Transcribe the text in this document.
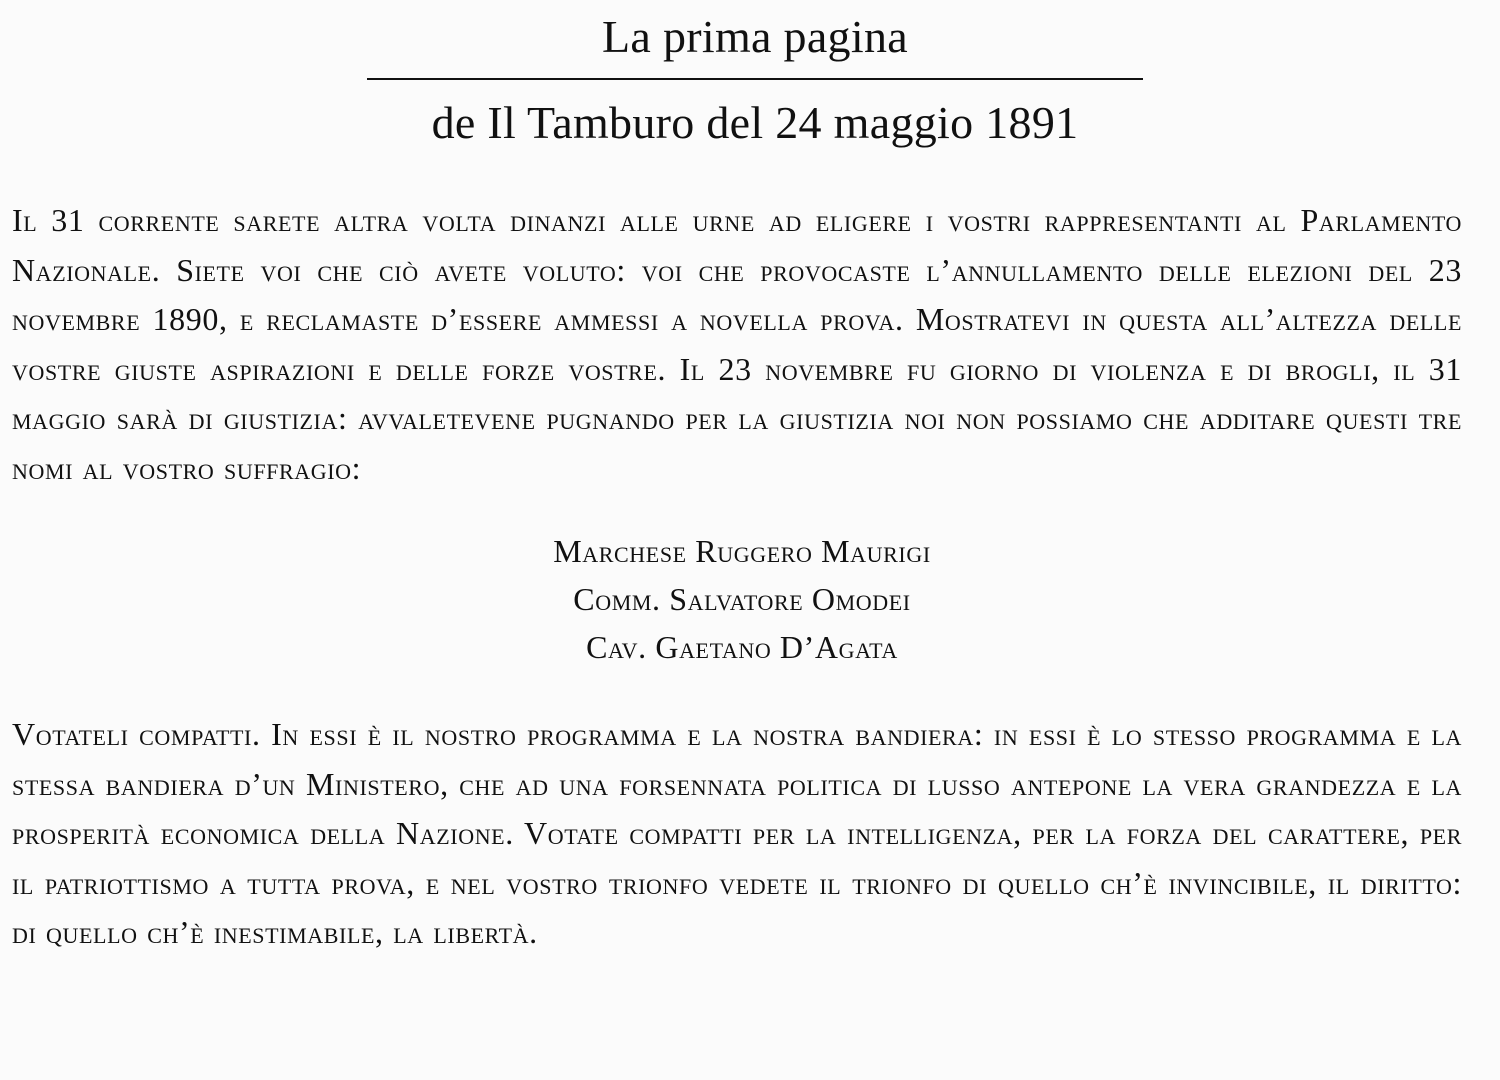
La prima pagina
de Il Tamburo del 24 maggio 1891

Il 31 corrente sarete altra volta dinanzi alle urne ad eligere i vostri rappresentanti al Parlamento Nazionale. Siete voi che ciò avete voluto: voi che provocaste l’annullamento delle elezioni del 23 novembre 1890, e reclamaste d’essere ammessi a novella prova. Mostratevi in questa all’altezza delle vostre giuste aspirazioni e delle forze vostre. Il 23 novembre fu giorno di violenza e di brogli, il 31 maggio sarà di giustizia: avvaletevene pugnando per la giustizia noi non possiamo che additare questi tre nomi al vostro suffragio:

Marchese Ruggero Maurigi
Comm. Salvatore Omodei
Cav. Gaetano D’Agata

Votateli compatti. In essi è il nostro programma e la nostra bandiera: in essi è lo stesso programma e la stessa bandiera d’un Ministero, che ad una forsennata politica di lusso antepone la vera grandezza e la prosperità economica della Nazione. Votate compatti per la intelligenza, per la forza del carattere, per il patriottismo a tutta prova, e nel vostro trionfo vedete il trionfo di quello ch’è invincibile, il diritto: di quello ch’è inestimabile, la libertà.
